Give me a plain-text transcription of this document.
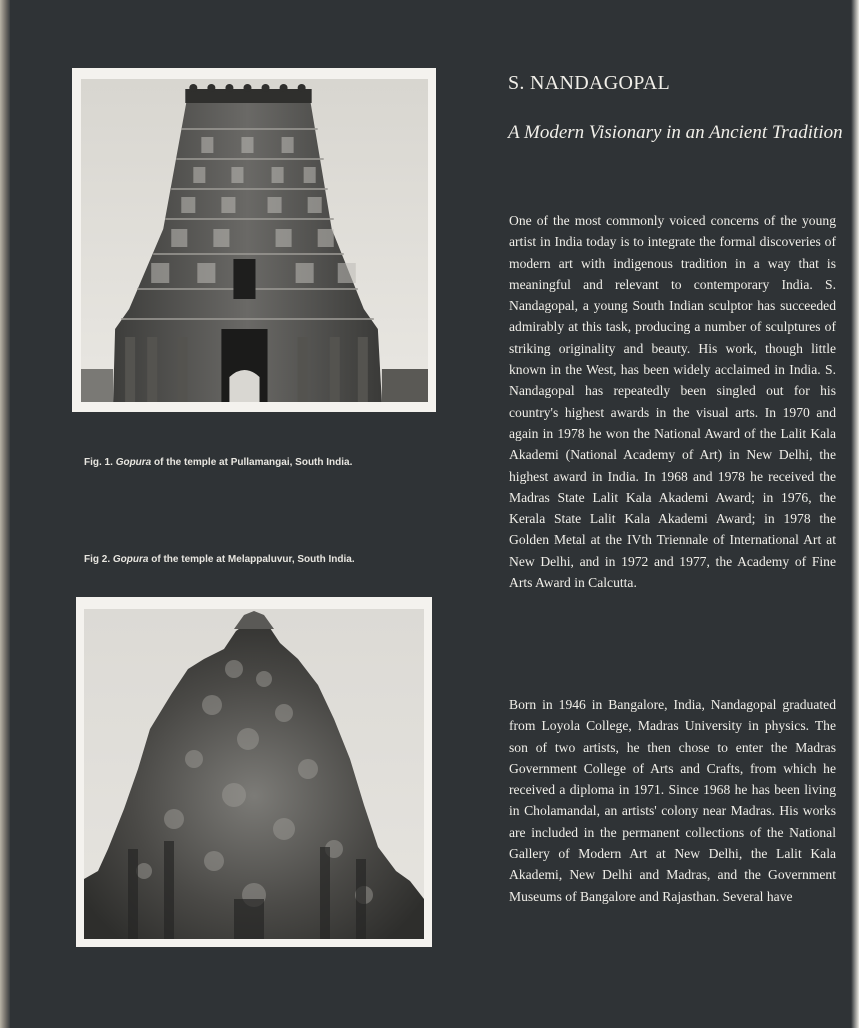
Fig. 1. Gopura of the temple at Pullamangai, South India.
Fig 2. Gopura of the temple at Melappaluvur, South India.
S. NANDAGOPAL
A Modern Visionary in an Ancient Tradition

One of the most commonly voiced concerns of the young artist in India today is to integrate the formal discoveries of modern art with indigenous tradition in a way that is meaningful and relevant to contemporary India. S. Nandagopal, a young South Indian sculptor has succeeded admirably at this task, producing a number of sculptures of striking originality and beauty. His work, though little known in the West, has been widely acclaimed in India. S. Nandagopal has repeatedly been singled out for his country's highest awards in the visual arts. In 1970 and again in 1978 he won the National Award of the Lalit Kala Akademi (National Academy of Art) in New Delhi, the highest award in India. In 1968 and 1978 he received the Madras State Lalit Kala Akademi Award; in 1976, the Kerala State Lalit Kala Akademi Award; in 1978 the Golden Metal at the IVth Triennale of International Art at New Delhi, and in 1972 and 1977, the Academy of Fine Arts Award in Calcutta.

Born in 1946 in Bangalore, India, Nandagopal graduated from Loyola College, Madras University in physics. The son of two artists, he then chose to enter the Madras Government College of Arts and Crafts, from which he received a diploma in 1971. Since 1968 he has been living in Cholamandal, an artists' colony near Madras. His works are included in the permanent collections of the National Gallery of Modern Art at New Delhi, the Lalit Kala Akademi, New Delhi and Madras, and the Government Museums of Bangalore and Rajasthan. Several have
